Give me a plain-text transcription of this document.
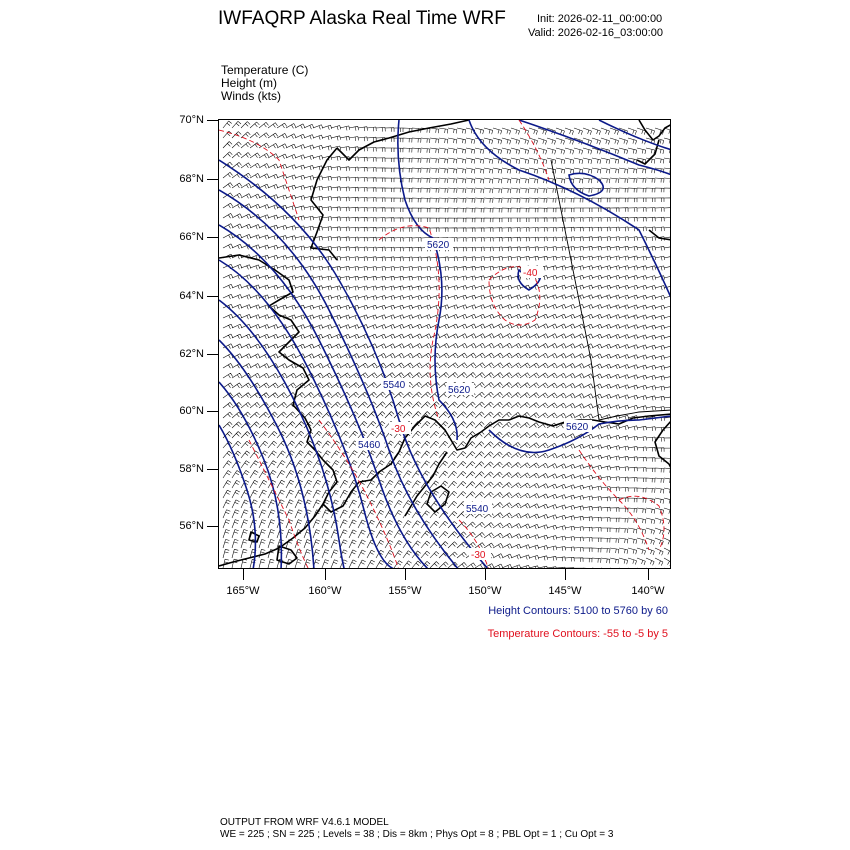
IWFAQRP Alaska Real Time WRF	Init: 2026-02-11_00:00:00
Valid: 2026-02-16_03:00:00
Temperature (C)
Height (m)
Winds (kts)
5620
5540	5620
5460
5620
5540
-40
-30
-30
70°N
68°N
66°N
64°N
62°N
60°N
58°N
56°N
165°W	160°W	155°W	150°W	145°W	140°W
Height Contours: 5100 to 5760 by 60
Temperature Contours: -55 to -5 by 5
OUTPUT FROM WRF V4.6.1 MODEL
WE = 225 ; SN = 225 ; Levels = 38 ; Dis = 8km ; Phys Opt = 8 ; PBL Opt = 1 ; Cu Opt = 3
